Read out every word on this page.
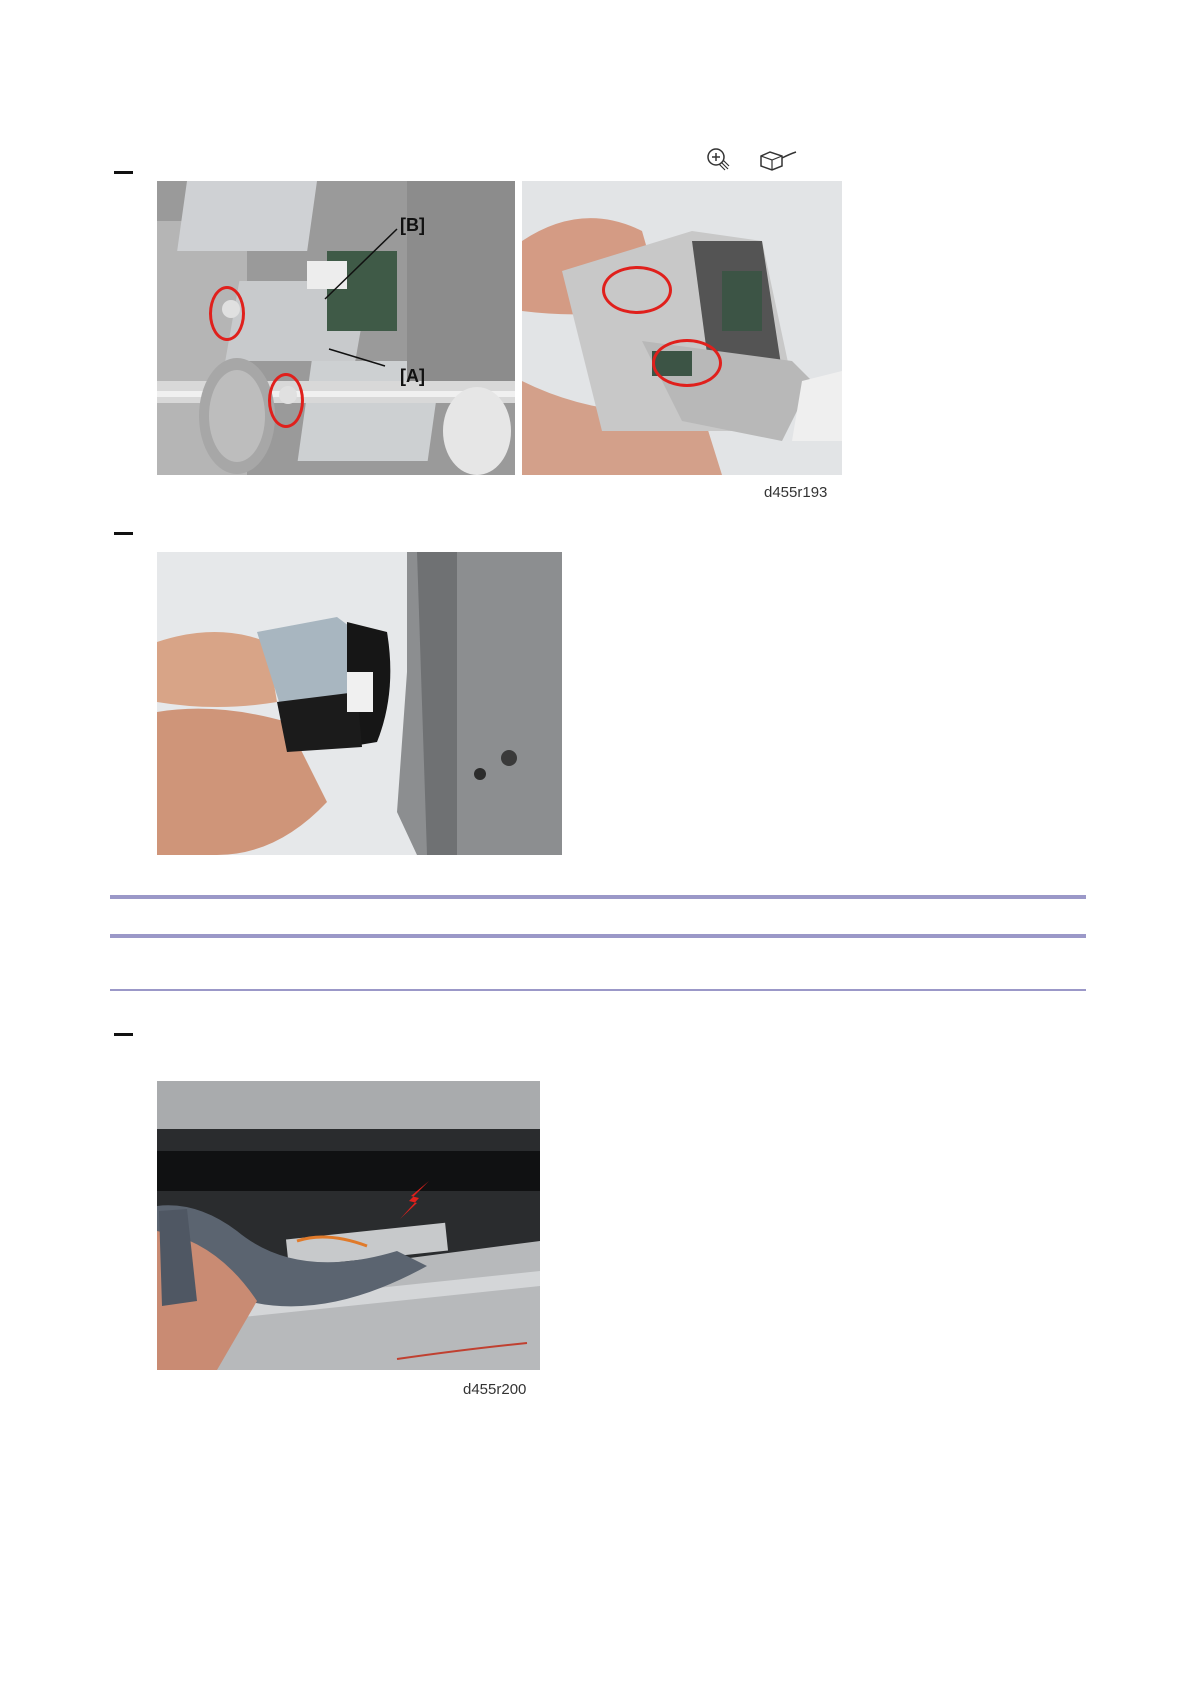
[B]
[A]
d455r193
d455r200
